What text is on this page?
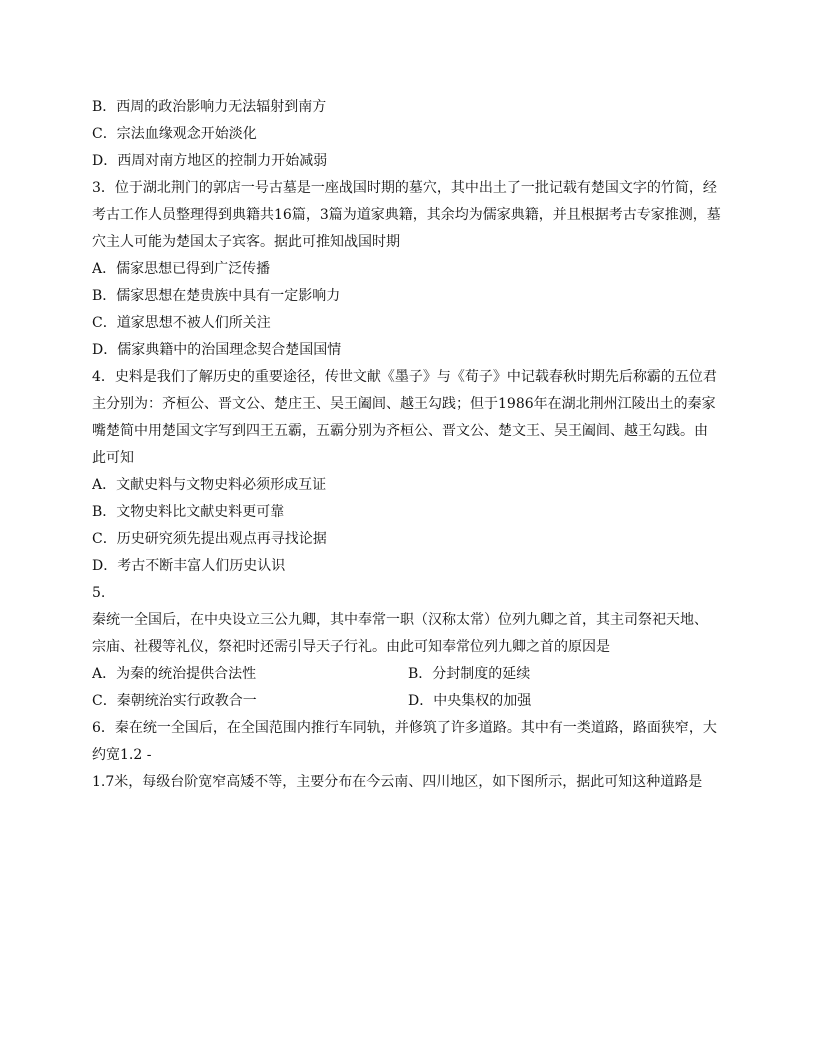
B．西周的政治影响力无法辐射到南方
C．宗法血缘观念开始淡化
D．西周对南方地区的控制力开始减弱
3．位于湖北荆门的郭店一号古墓是一座战国时期的墓穴，其中出土了一批记载有楚国文字的竹简，经
考古工作人员整理得到典籍共16篇，3篇为道家典籍，其余均为儒家典籍，并且根据考古专家推测，墓
穴主人可能为楚国太子宾客。据此可推知战国时期
A．儒家思想已得到广泛传播
B．儒家思想在楚贵族中具有一定影响力
C．道家思想不被人们所关注
D．儒家典籍中的治国理念契合楚国国情
4．史料是我们了解历史的重要途径，传世文献《墨子》与《荀子》中记载春秋时期先后称霸的五位君
主分别为：齐桓公、晋文公、楚庄王、吴王阖闾、越王勾践；但于1986年在湖北荆州江陵出土的秦家
嘴楚简中用楚国文字写到四王五霸，五霸分别为齐桓公、晋文公、楚文王、吴王阖闾、越王勾践。由
此可知
A．文献史料与文物史料必须形成互证
B．文物史料比文献史料更可靠
C．历史研究须先提出观点再寻找论据
D．考古不断丰富人们历史认识
5.
秦统一全国后，在中央设立三公九卿，其中奉常一职（汉称太常）位列九卿之首，其主司祭祀天地、
宗庙、社稷等礼仪，祭祀时还需引导天子行礼。由此可知奉常位列九卿之首的原因是
A．为秦的统治提供合法性	B．分封制度的延续
C．秦朝统治实行政教合一	D．中央集权的加强
6．秦在统一全国后，在全国范围内推行车同轨，并修筑了许多道路。其中有一类道路，路面狭窄，大
约宽1.2 -
1.7米，每级台阶宽窄高矮不等，主要分布在今云南、四川地区，如下图所示，据此可知这种道路是
